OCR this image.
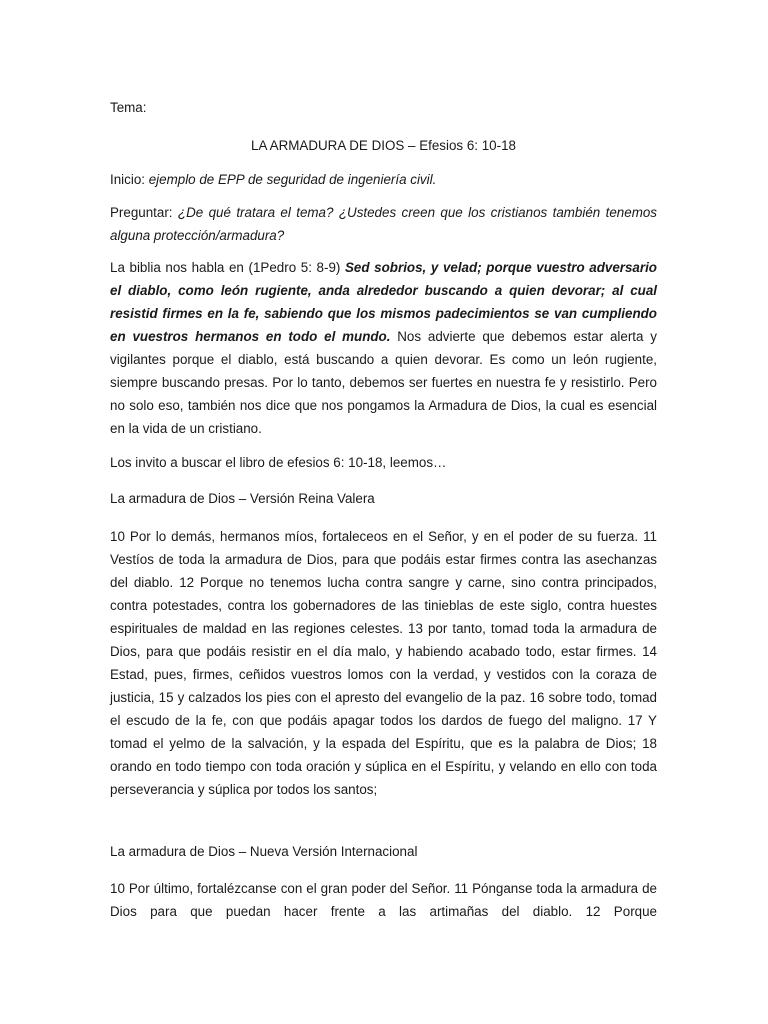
Tema:

LA ARMADURA DE DIOS – Efesios 6: 10-18

Inicio: ejemplo de EPP de seguridad de ingeniería civil.

Preguntar: ¿De qué tratara el tema? ¿Ustedes creen que los cristianos también tenemos alguna protección/armadura?

La biblia nos habla en (1Pedro 5: 8-9) Sed sobrios, y velad; porque vuestro adversario el diablo, como león rugiente, anda alrededor buscando a quien devorar; al cual resistid firmes en la fe, sabiendo que los mismos padecimientos se van cumpliendo en vuestros hermanos en todo el mundo. Nos advierte que debemos estar alerta y vigilantes porque el diablo, está buscando a quien devorar. Es como un león rugiente, siempre buscando presas. Por lo tanto, debemos ser fuertes en nuestra fe y resistirlo. Pero no solo eso, también nos dice que nos pongamos la Armadura de Dios, la cual es esencial en la vida de un cristiano.

Los invito a buscar el libro de efesios 6: 10-18, leemos…

La armadura de Dios – Versión Reina Valera

10 Por lo demás, hermanos míos, fortaleceos en el Señor, y en el poder de su fuerza. 11 Vestíos de toda la armadura de Dios, para que podáis estar firmes contra las asechanzas del diablo. 12 Porque no tenemos lucha contra sangre y carne, sino contra principados, contra potestades, contra los gobernadores de las tinieblas de este siglo, contra huestes espirituales de maldad en las regiones celestes. 13 por tanto, tomad toda la armadura de Dios, para que podáis resistir en el día malo, y habiendo acabado todo, estar firmes. 14 Estad, pues, firmes, ceñidos vuestros lomos con la verdad, y vestidos con la coraza de justicia, 15 y calzados los pies con el apresto del evangelio de la paz. 16 sobre todo, tomad el escudo de la fe, con que podáis apagar todos los dardos de fuego del maligno. 17 Y tomad el yelmo de la salvación, y la espada del Espíritu, que es la palabra de Dios; 18 orando en todo tiempo con toda oración y súplica en el Espíritu, y velando en ello con toda perseverancia y súplica por todos los santos;

La armadura de Dios – Nueva Versión Internacional

10 Por último, fortalézcanse con el gran poder del Señor. 11 Pónganse toda la armadura de Dios para que puedan hacer frente a las artimañas del diablo. 12 Porque
